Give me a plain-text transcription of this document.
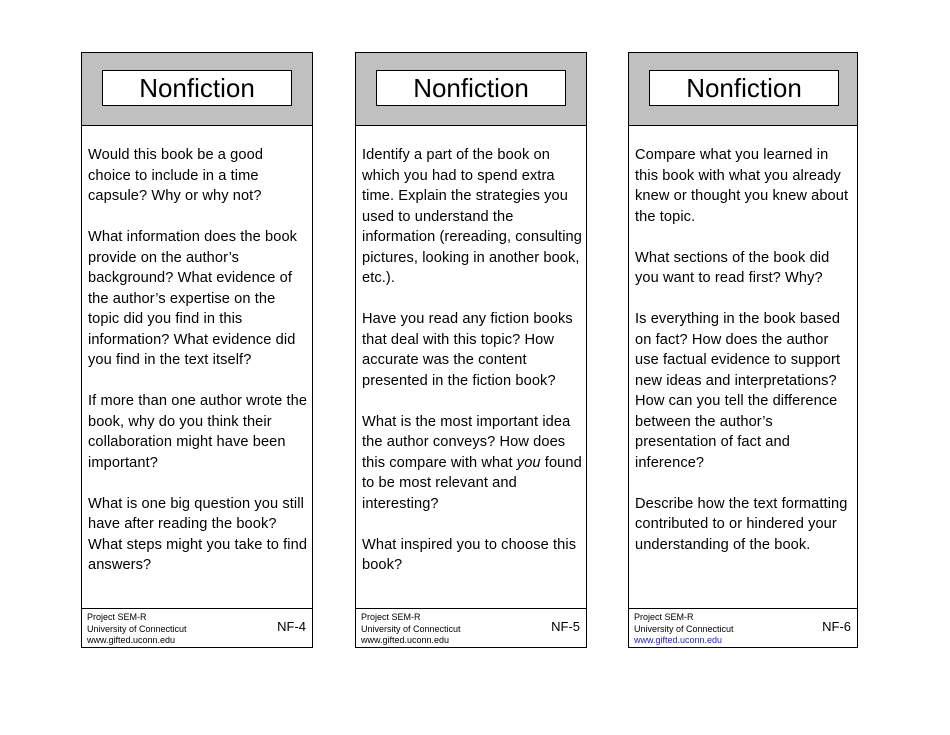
Nonfiction

Would this book be a good choice to include in a time capsule? Why or why not?

What information does the book provide on the author’s background? What evidence of the author’s expertise on the topic did you find in this information? What evidence did you find in the text itself?

If more than one author wrote the book, why do you think their collaboration might have been important?

What is one big question you still have after reading the book? What steps might you take to find answers?

Project SEM-R
University of Connecticut
www.gifted.uconn.edu
NF-4
Nonfiction

Identify a part of the book on which you had to spend extra time. Explain the strategies you used to understand the information (rereading, consulting pictures, looking in another book, etc.).

Have you read any fiction books that deal with this topic? How accurate was the content presented in the fiction book?

What is the most important idea the author conveys? How does this compare with what you found to be most relevant and interesting?

What inspired you to choose this book?

Project SEM-R
University of Connecticut
www.gifted.uconn.edu
NF-5
Nonfiction

Compare what you learned in this book with what you already knew or thought you knew about the topic.

What sections of the book did you want to read first? Why?

Is everything in the book based on fact? How does the author use factual evidence to support new ideas and interpretations? How can you tell the difference between the author’s presentation of fact and inference?

Describe how the text formatting contributed to or hindered your understanding of the book.

Project SEM-R
University of Connecticut
www.gifted.uconn.edu
NF-6
